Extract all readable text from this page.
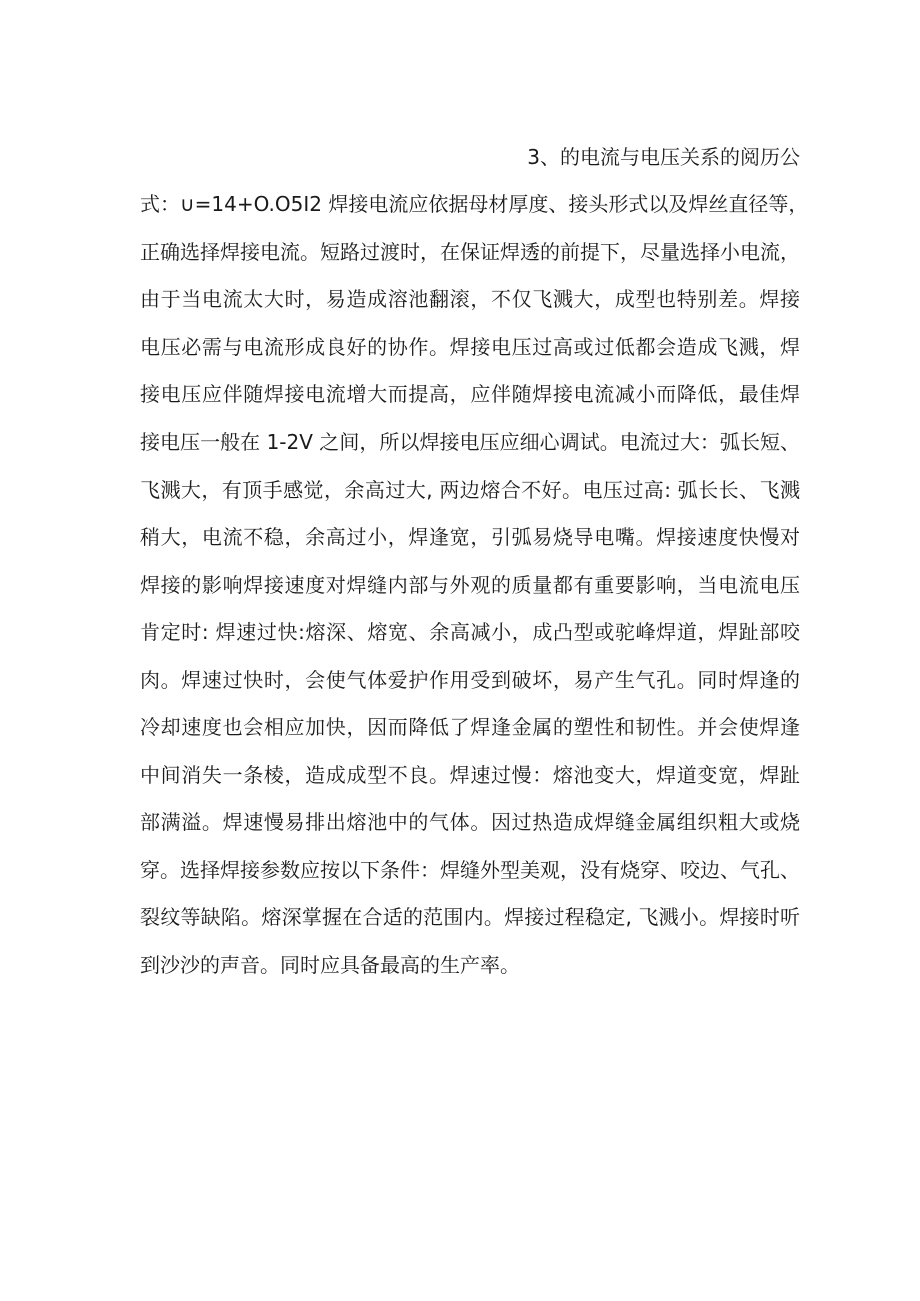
3、的电流与电压关系的阅历公
式：∪=14+O.O5I2 焊接电流应依据母材厚度、接头形式以及焊丝直径等，
正确选择焊接电流。短路过渡时，在保证焊透的前提下，尽量选择小电流，
由于当电流太大时，易造成溶池翻滚，不仅飞溅大，成型也特别差。焊接
电压必需与电流形成良好的协作。焊接电压过高或过低都会造成飞溅，焊
接电压应伴随焊接电流增大而提高，应伴随焊接电流减小而降低，最佳焊
接电压一般在 1-2V 之间，所以焊接电压应细心调试。电流过大：弧长短、
飞溅大，有顶手感觉，余高过大, 两边熔合不好。电压过高: 弧长长、飞溅
稍大，电流不稳，余高过小，焊逢宽，引弧易烧导电嘴。焊接速度快慢对
焊接的影响焊接速度对焊缝内部与外观的质量都有重要影响，当电流电压
肯定时: 焊速过快:熔深、熔宽、余高减小，成凸型或驼峰焊道，焊趾部咬
肉。焊速过快时，会使气体爱护作用受到破坏，易产生气孔。同时焊逢的
冷却速度也会相应加快，因而降低了焊逢金属的塑性和韧性。并会使焊逢
中间消失一条棱，造成成型不良。焊速过慢：熔池变大，焊道变宽，焊趾
部满溢。焊速慢易排出熔池中的气体。因过热造成焊缝金属组织粗大或烧
穿。选择焊接参数应按以下条件：焊缝外型美观，没有烧穿、咬边、气孔、
裂纹等缺陷。熔深掌握在合适的范围内。焊接过程稳定, 飞溅小。焊接时听
到沙沙的声音。同时应具备最高的生产率。
